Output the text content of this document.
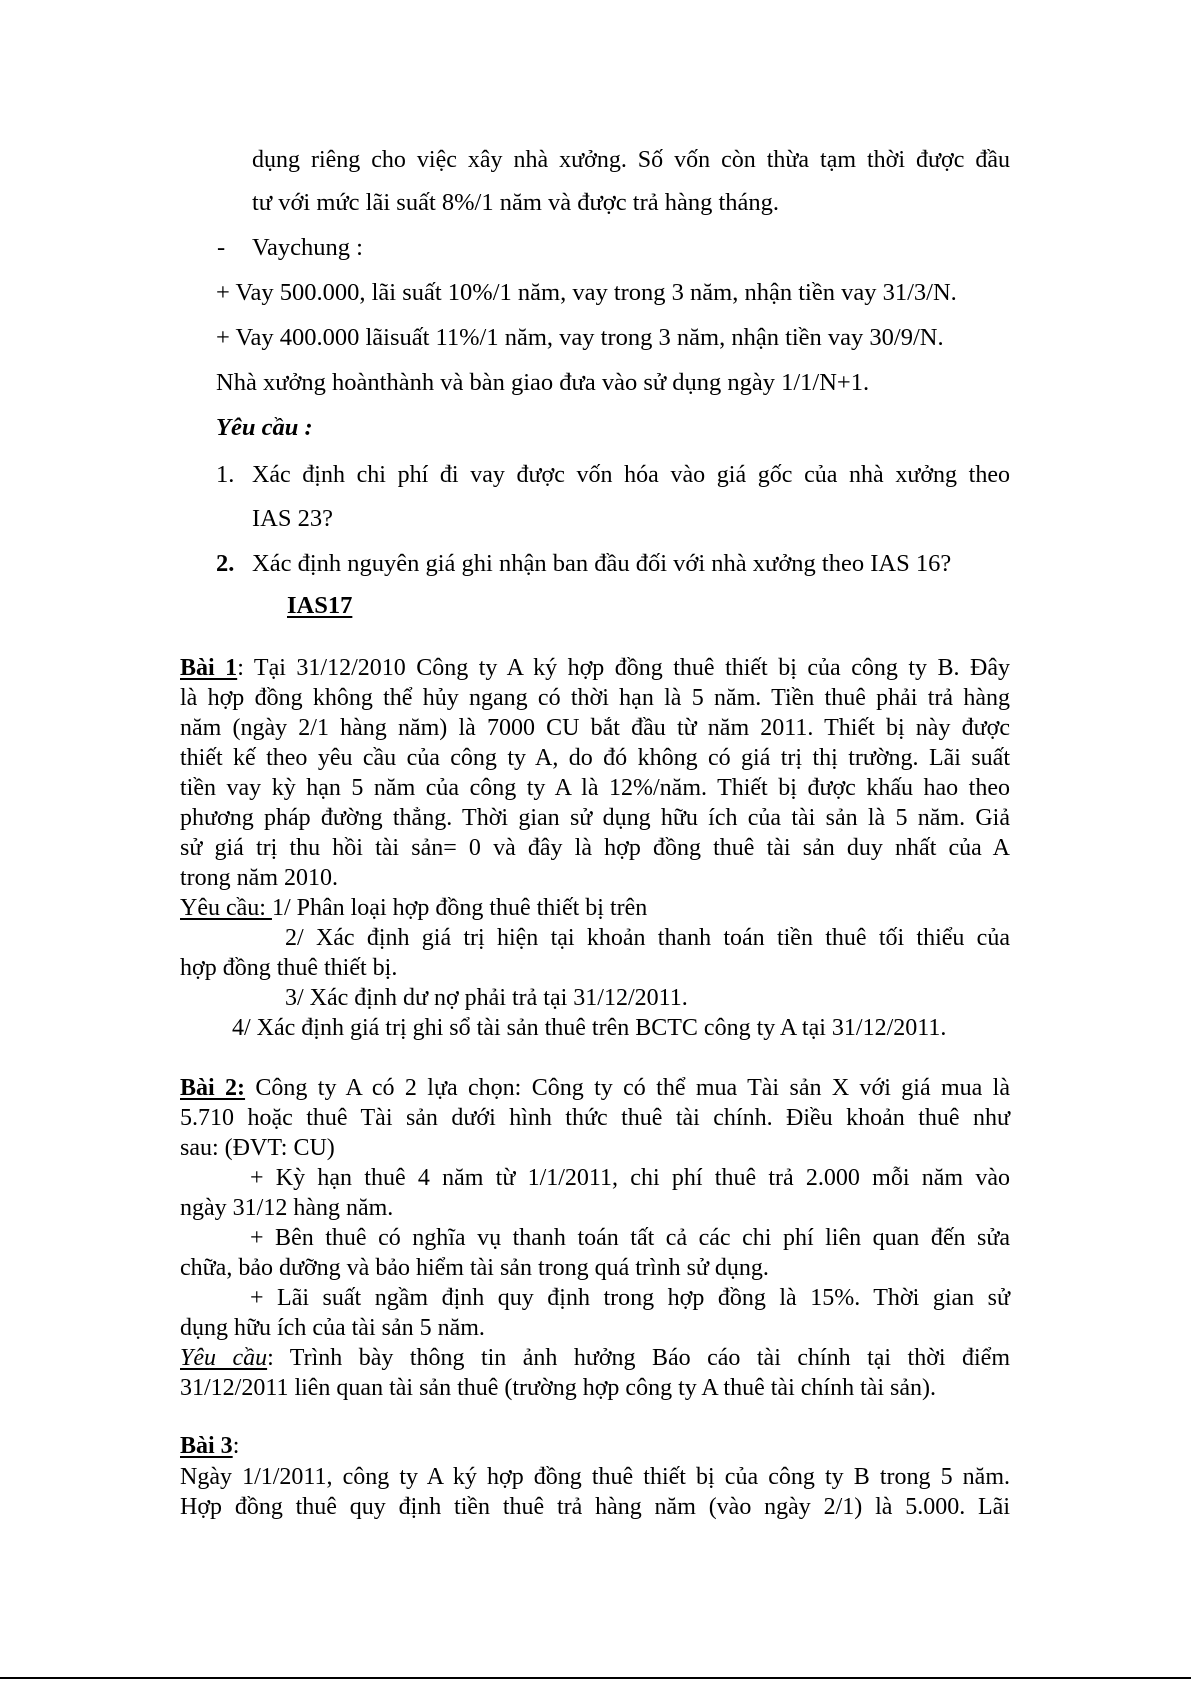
dụng riêng cho việc xây nhà xưởng. Số vốn còn thừa tạm thời được đầu
tư với mức lãi suất 8%/1 năm và được trả hàng tháng.
- Vaychung :
+ Vay 500.000, lãi suất 10%/1 năm, vay trong 3 năm, nhận tiền vay 31/3/N.
+ Vay 400.000 lãisuất 11%/1 năm, vay trong 3 năm, nhận tiền vay 30/9/N.
Nhà xưởng hoànthành và bàn giao đưa vào sử dụng ngày 1/1/N+1.
Yêu cầu :
1. Xác định chi phí đi vay được vốn hóa vào giá gốc của nhà xưởng theo
IAS 23?
2. Xác định nguyên giá ghi nhận ban đầu đối với nhà xưởng theo IAS 16?
IAS17
Bài 1: Tại 31/12/2010 Công ty A ký hợp đồng thuê thiết bị của công ty B. Đây
là hợp đồng không thể hủy ngang có thời hạn là 5 năm. Tiền thuê phải trả hàng
năm (ngày 2/1 hàng năm) là 7000 CU bắt đầu từ năm 2011. Thiết bị này được
thiết kế theo yêu cầu của công ty A, do đó không có giá trị thị trường. Lãi suất
tiền vay kỳ hạn 5 năm của công ty A là 12%/năm. Thiết bị được khấu hao theo
phương pháp đường thẳng. Thời gian sử dụng hữu ích của tài sản là 5 năm. Giả
sử giá trị thu hồi tài sản= 0 và đây là hợp đồng thuê tài sản duy nhất của A
trong năm 2010.
Yêu cầu: 1/ Phân loại hợp đồng thuê thiết bị trên
2/ Xác định giá trị hiện tại khoản thanh toán tiền thuê tối thiểu của
hợp đồng thuê thiết bị.
3/ Xác định dư nợ phải trả tại 31/12/2011.
4/ Xác định giá trị ghi sổ tài sản thuê trên BCTC công ty A tại 31/12/2011.
Bài 2: Công ty A có 2 lựa chọn: Công ty có thể mua Tài sản X với giá mua là
5.710 hoặc thuê Tài sản dưới hình thức thuê tài chính. Điều khoản thuê như
sau: (ĐVT: CU)
+ Kỳ hạn thuê 4 năm từ 1/1/2011, chi phí thuê trả 2.000 mỗi năm vào
ngày 31/12 hàng năm.
+ Bên thuê có nghĩa vụ thanh toán tất cả các chi phí liên quan đến sửa
chữa, bảo dưỡng và bảo hiểm tài sản trong quá trình sử dụng.
+ Lãi suất ngầm định quy định trong hợp đồng là 15%. Thời gian sử
dụng hữu ích của tài sản 5 năm.
Yêu cầu: Trình bày thông tin ảnh hưởng Báo cáo tài chính tại thời điểm
31/12/2011 liên quan tài sản thuê (trường hợp công ty A thuê tài chính tài sản).
Bài 3:
Ngày 1/1/2011, công ty A ký hợp đồng thuê thiết bị của công ty B trong 5 năm.
Hợp đồng thuê quy định tiền thuê trả hàng năm (vào ngày 2/1) là 5.000. Lãi
